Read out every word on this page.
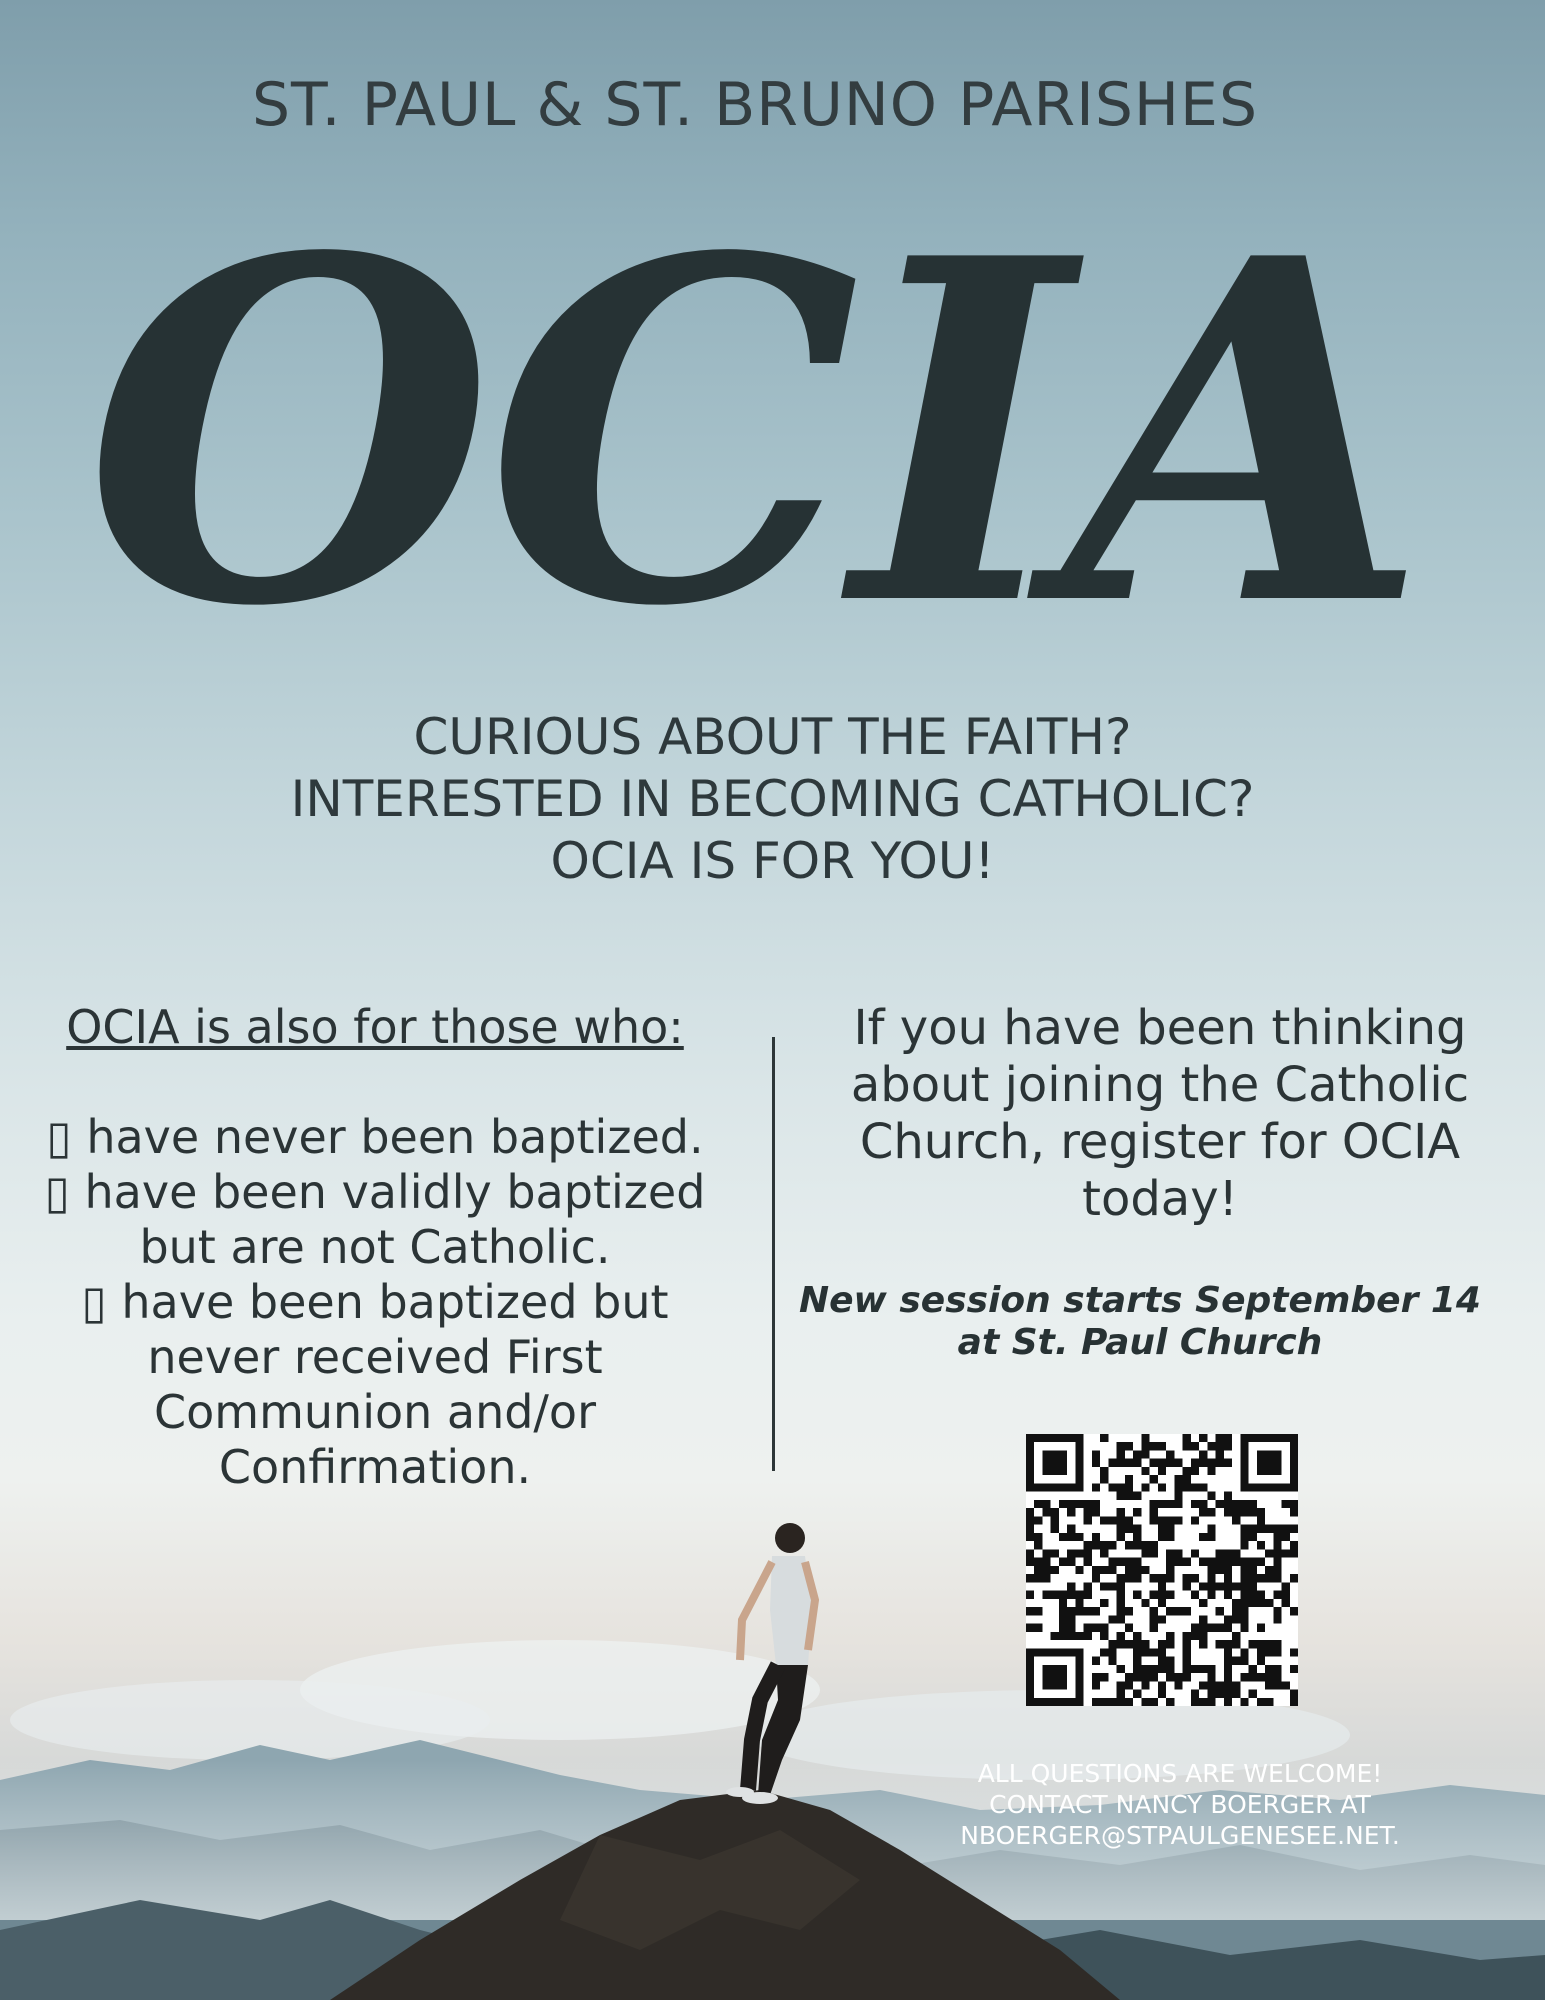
ST. PAUL & ST. BRUNO PARISHES
OCIA
CURIOUS ABOUT THE FAITH?
INTERESTED IN BECOMING CATHOLIC?
OCIA IS FOR YOU!
OCIA is also for those who:
▯ have never been baptized.
▯ have been validly baptized but are not Catholic.
▯ have been baptized but never received First Communion and/or Confirmation.
If you have been thinking about joining the Catholic Church, register for OCIA today!
New session starts September 14 at St. Paul Church
ALL QUESTIONS ARE WELCOME!
CONTACT NANCY BOERGER AT
NBOERGER@STPAULGENESEE.NET.
